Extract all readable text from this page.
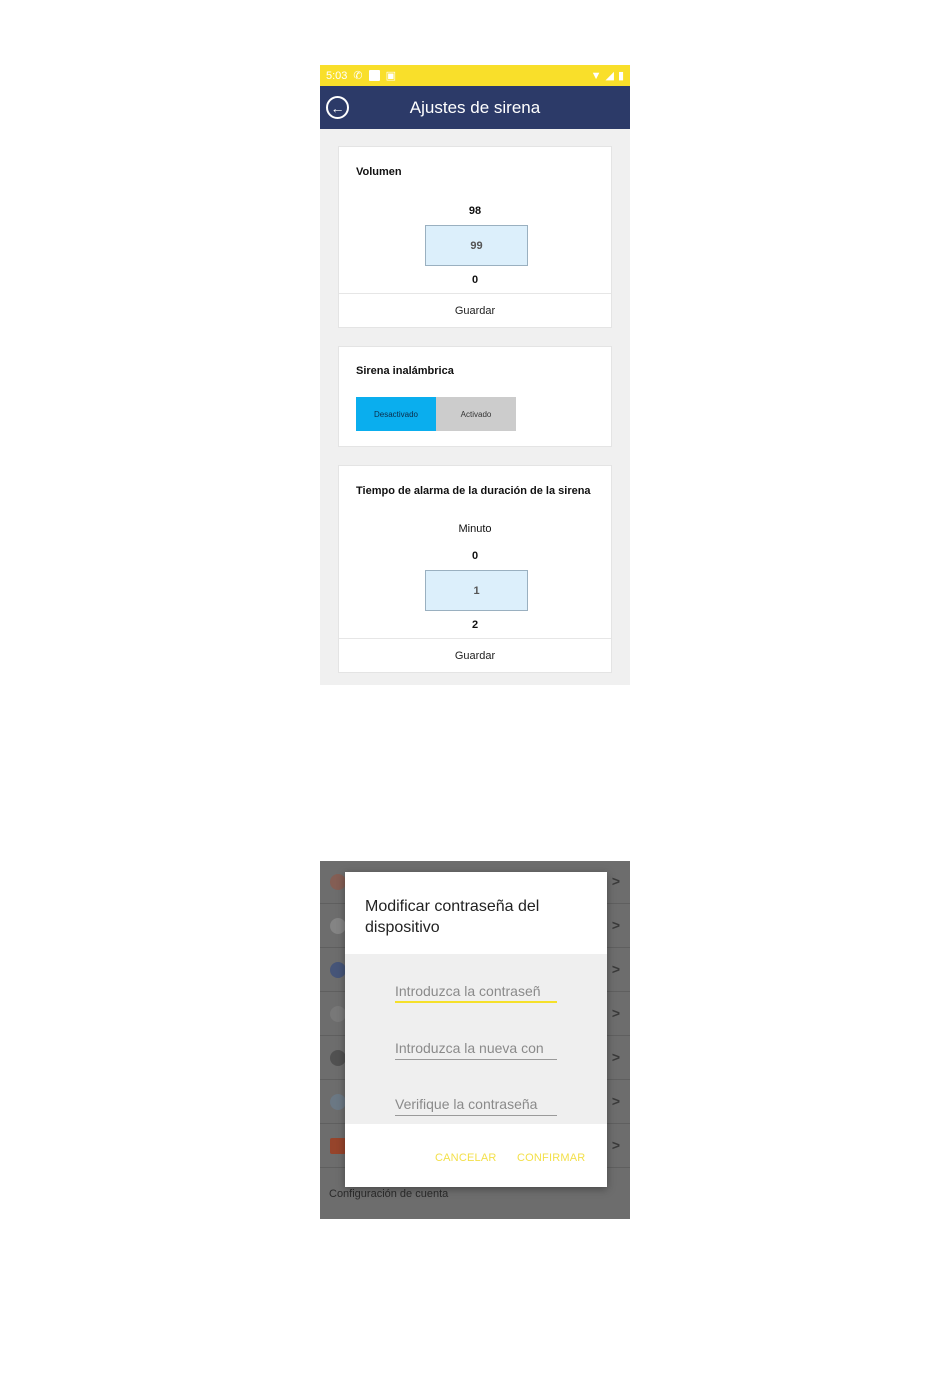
5:03 ✆ ▣	▼ ◢ ▮
←	Ajustes de sirena
Volumen
98
99
0
Guardar
Sirena inalámbrica
Desactivado	Activado
Tiempo de alarma de la duración de la sirena
Minuto
0
1
2
Guardar
>
>
>
>
>
>
>
Configuración de cuenta
Modificar contraseña del dispositivo
Introduzca la contraseñ
Introduzca la nueva con
Verifique la contraseña
CANCELAR CONFIRMAR
